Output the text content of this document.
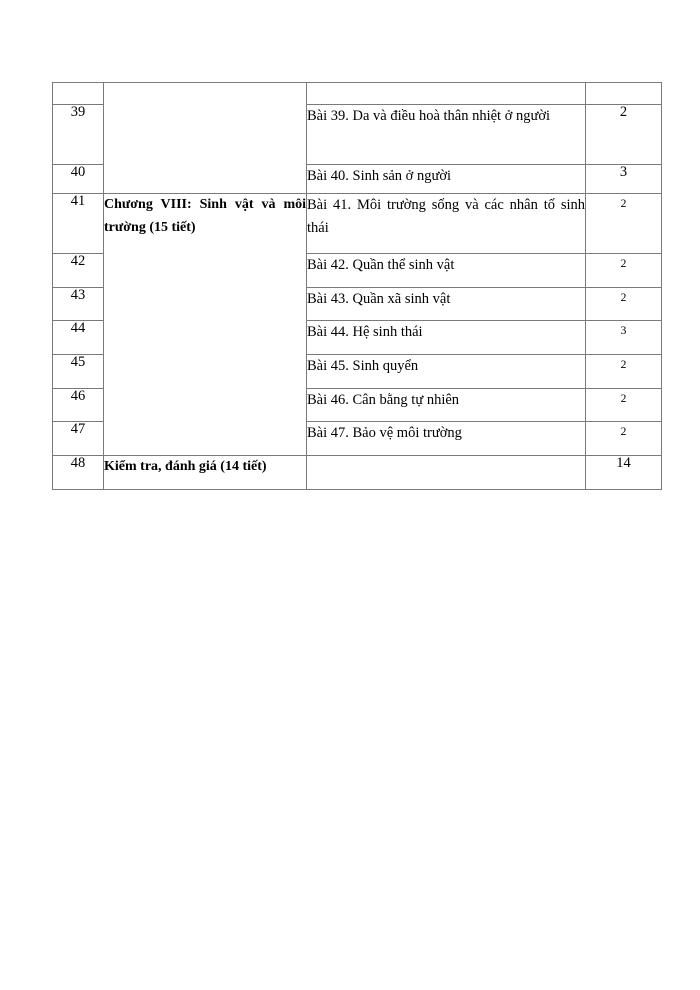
39		Bài 39. Da và điều hoà thân nhiệt ở người	2
40		Bài 40. Sinh sản ở người	3
41	Chương VIII: Sinh vật và môi trường (15 tiết)	Bài 41. Môi trường sống và các nhân tố sinh thái	2
42		Bài 42. Quần thể sinh vật	2
43		Bài 43. Quần xã sinh vật	2
44		Bài 44. Hệ sinh thái	3
45		Bài 45. Sinh quyển	2
46		Bài 46. Cân bằng tự nhiên	2
47		Bài 47. Bảo vệ môi trường	2
48	Kiểm tra, đánh giá (14 tiết)		14
